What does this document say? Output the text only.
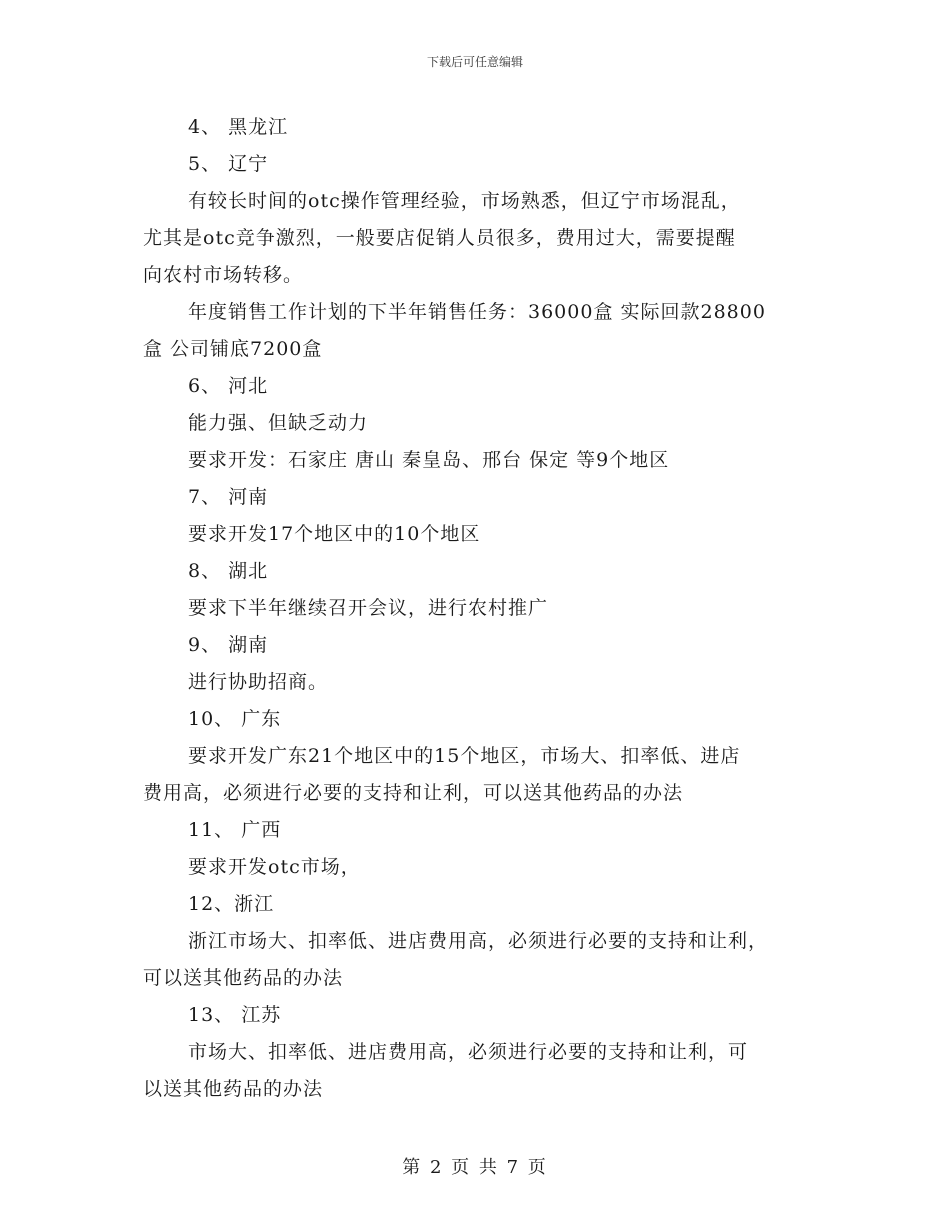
下载后可任意编辑
4、 黑龙江
5、 辽宁
有较长时间的otc操作管理经验，市场熟悉，但辽宁市场混乱，
尤其是otc竞争激烈，一般要店促销人员很多，费用过大，需要提醒
向农村市场转移。
年度销售工作计划的下半年销售任务：36000盒 实际回款28800
盒 公司铺底7200盒
6、 河北
能力强、但缺乏动力
要求开发：石家庄 唐山 秦皇岛、邢台 保定 等9个地区
7、 河南
要求开发17个地区中的10个地区
8、 湖北
要求下半年继续召开会议，进行农村推广
9、 湖南
进行协助招商。
10、 广东
要求开发广东21个地区中的15个地区，市场大、扣率低、进店
费用高，必须进行必要的支持和让利，可以送其他药品的办法
11、 广西
要求开发otc市场，
12、浙江
浙江市场大、扣率低、进店费用高，必须进行必要的支持和让利，
可以送其他药品的办法
13、 江苏
市场大、扣率低、进店费用高，必须进行必要的支持和让利，可
以送其他药品的办法
第 2 页 共 7 页
